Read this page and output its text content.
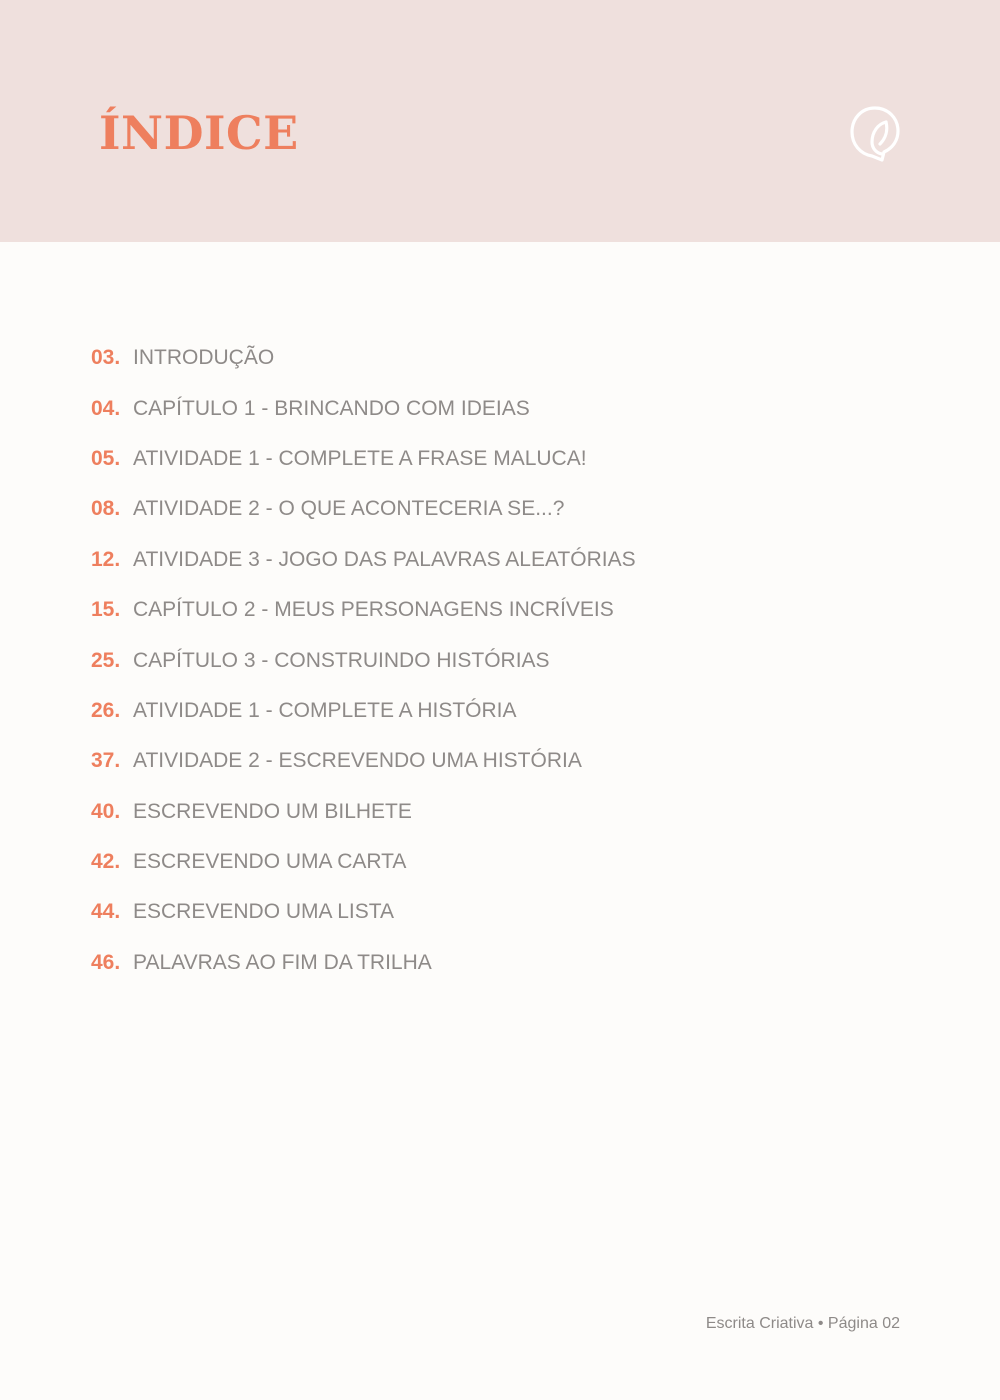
ÍNDICE
03. INTRODUÇÃO
04. CAPÍTULO 1 - BRINCANDO COM IDEIAS
05. ATIVIDADE 1 - COMPLETE A FRASE MALUCA!
08. ATIVIDADE 2 - O QUE ACONTECERIA SE...?
12. ATIVIDADE 3 - JOGO DAS PALAVRAS ALEATÓRIAS
15. CAPÍTULO 2 - MEUS PERSONAGENS INCRÍVEIS
25. CAPÍTULO 3 - CONSTRUINDO HISTÓRIAS
26. ATIVIDADE 1 - COMPLETE A HISTÓRIA
37. ATIVIDADE 2 - ESCREVENDO UMA HISTÓRIA
40. ESCREVENDO UM BILHETE
42. ESCREVENDO UMA CARTA
44. ESCREVENDO UMA LISTA
46. PALAVRAS AO FIM DA TRILHA
Escrita Criativa • Página 02
